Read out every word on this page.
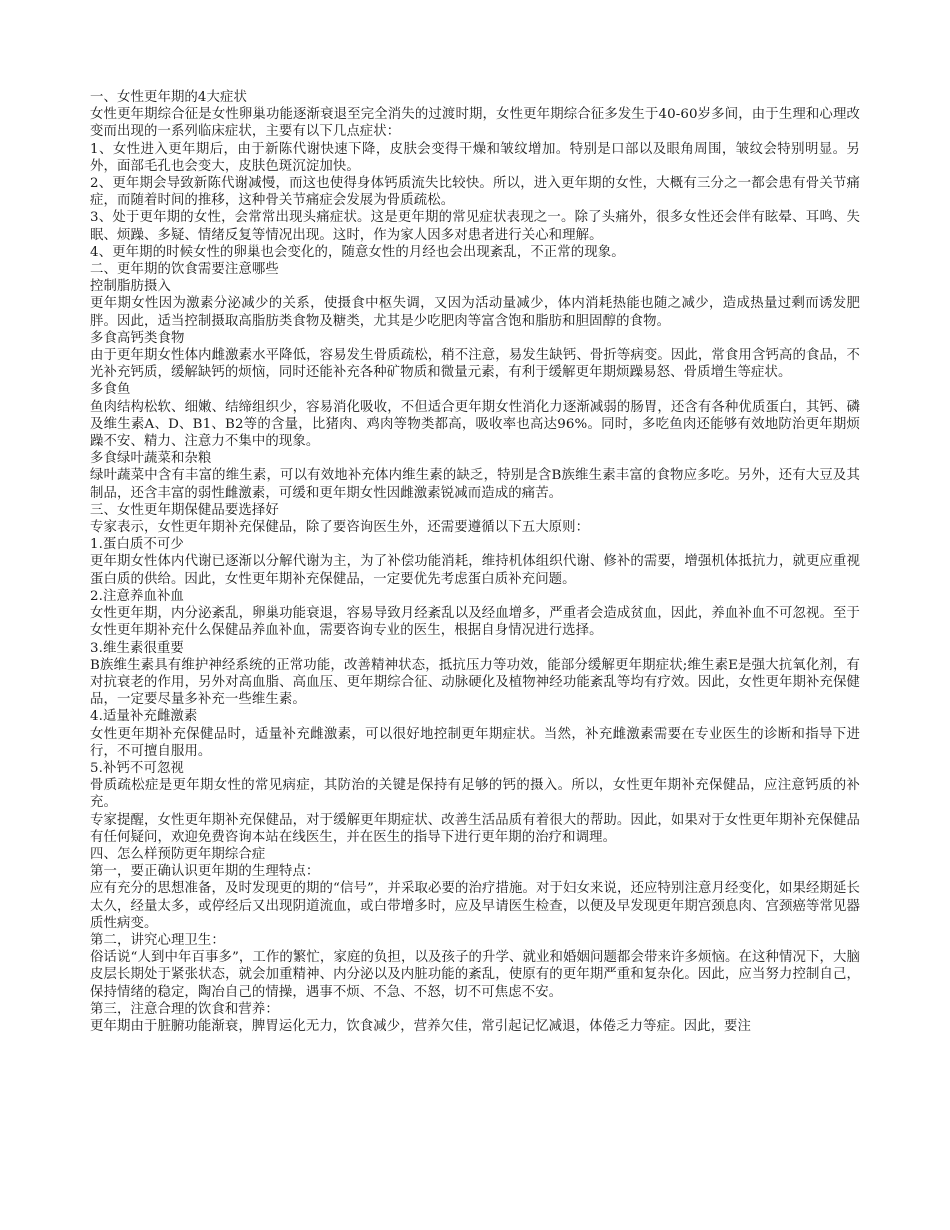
一、女性更年期的4大症状

女性更年期综合征是女性卵巢功能逐渐衰退至完全消失的过渡时期，女性更年期综合征多发生于40-60岁多间，由于生理和心理改变而出现的一系列临床症状，主要有以下几点症状：

1、女性进入更年期后，由于新陈代谢快速下降，皮肤会变得干燥和皱纹增加。特别是口部以及眼角周围，皱纹会特别明显。另外，面部毛孔也会变大，皮肤色斑沉淀加快。

2、更年期会导致新陈代谢减慢，而这也使得身体钙质流失比较快。所以，进入更年期的女性，大概有三分之一都会患有骨关节痛症，而随着时间的推移，这种骨关节痛症会发展为骨质疏松。

3、处于更年期的女性，会常常出现头痛症状。这是更年期的常见症状表现之一。除了头痛外，很多女性还会伴有眩晕、耳鸣、失眠、烦躁、多疑、情绪反复等情况出现。这时，作为家人因多对患者进行关心和理解。

4、更年期的时候女性的卵巢也会变化的，随意女性的月经也会出现紊乱，不正常的现象。

二、更年期的饮食需要注意哪些

控制脂肪摄入

更年期女性因为激素分泌减少的关系，使摄食中枢失调，又因为活动量减少，体内消耗热能也随之减少，造成热量过剩而诱发肥胖。因此，适当控制摄取高脂肪类食物及糖类，尤其是少吃肥肉等富含饱和脂肪和胆固醇的食物。

多食高钙类食物

由于更年期女性体内雌激素水平降低，容易发生骨质疏松，稍不注意，易发生缺钙、骨折等病变。因此，常食用含钙高的食品，不光补充钙质，缓解缺钙的烦恼，同时还能补充各种矿物质和微量元素，有利于缓解更年期烦躁易怒、骨质增生等症状。

多食鱼

鱼肉结构松软、细嫩、结缔组织少，容易消化吸收，不但适合更年期女性消化力逐渐减弱的肠胃，还含有各种优质蛋白，其钙、磷及维生素A、D、B1、B2等的含量，比猪肉、鸡肉等物类都高，吸收率也高达96%。同时，多吃鱼肉还能够有效地防治更年期烦躁不安、精力、注意力不集中的现象。

多食绿叶蔬菜和杂粮

绿叶蔬菜中含有丰富的维生素，可以有效地补充体内维生素的缺乏，特别是含B族维生素丰富的食物应多吃。另外，还有大豆及其制品，还含丰富的弱性雌激素，可缓和更年期女性因雌激素锐减而造成的痛苦。

三、女性更年期保健品要选择好

专家表示，女性更年期补充保健品，除了要咨询医生外，还需要遵循以下五大原则：

1.蛋白质不可少

更年期女性体内代谢已逐渐以分解代谢为主，为了补偿功能消耗，维持机体组织代谢、修补的需要，增强机体抵抗力，就更应重视蛋白质的供给。因此，女性更年期补充保健品，一定要优先考虑蛋白质补充问题。

2.注意养血补血

女性更年期，内分泌紊乱，卵巢功能衰退，容易导致月经紊乱以及经血增多，严重者会造成贫血，因此，养血补血不可忽视。至于女性更年期补充什么保健品养血补血，需要咨询专业的医生，根据自身情况进行选择。

3.维生素很重要

B族维生素具有维护神经系统的正常功能，改善精神状态，抵抗压力等功效，能部分缓解更年期症状;维生素E是强大抗氧化剂，有对抗衰老的作用，另外对高血脂、高血压、更年期综合征、动脉硬化及植物神经功能紊乱等均有疗效。因此，女性更年期补充保健品，一定要尽量多补充一些维生素。

4.适量补充雌激素

女性更年期补充保健品时，适量补充雌激素，可以很好地控制更年期症状。当然，补充雌激素需要在专业医生的诊断和指导下进行，不可擅自服用。

5.补钙不可忽视

骨质疏松症是更年期女性的常见病症，其防治的关键是保持有足够的钙的摄入。所以，女性更年期补充保健品，应注意钙质的补充。

专家提醒，女性更年期补充保健品，对于缓解更年期症状、改善生活品质有着很大的帮助。因此，如果对于女性更年期补充保健品有任何疑问，欢迎免费咨询本站在线医生，并在医生的指导下进行更年期的治疗和调理。

四、怎么样预防更年期综合症

第一，要正确认识更年期的生理特点：

应有充分的思想准备，及时发现更的期的“信号”，并采取必要的治疗措施。对于妇女来说，还应特别注意月经变化，如果经期延长太久，经量太多，或停经后又出现阴道流血，或白带增多时，应及早请医生检查，以便及早发现更年期宫颈息肉、宫颈癌等常见器质性病变。

第二，讲究心理卫生：

俗话说“人到中年百事多”，工作的繁忙，家庭的负担，以及孩子的升学、就业和婚姻问题都会带来许多烦恼。在这种情况下，大脑皮层长期处于紧张状态，就会加重精神、内分泌以及内脏功能的紊乱，使原有的更年期严重和复杂化。因此，应当努力控制自己，保持情绪的稳定，陶冶自己的情操，遇事不烦、不急、不怒，切不可焦虑不安。

第三，注意合理的饮食和营养：

更年期由于脏腑功能渐衰，脾胃运化无力，饮食减少，营养欠佳，常引起记忆减退，体倦乏力等症。因此，要注
